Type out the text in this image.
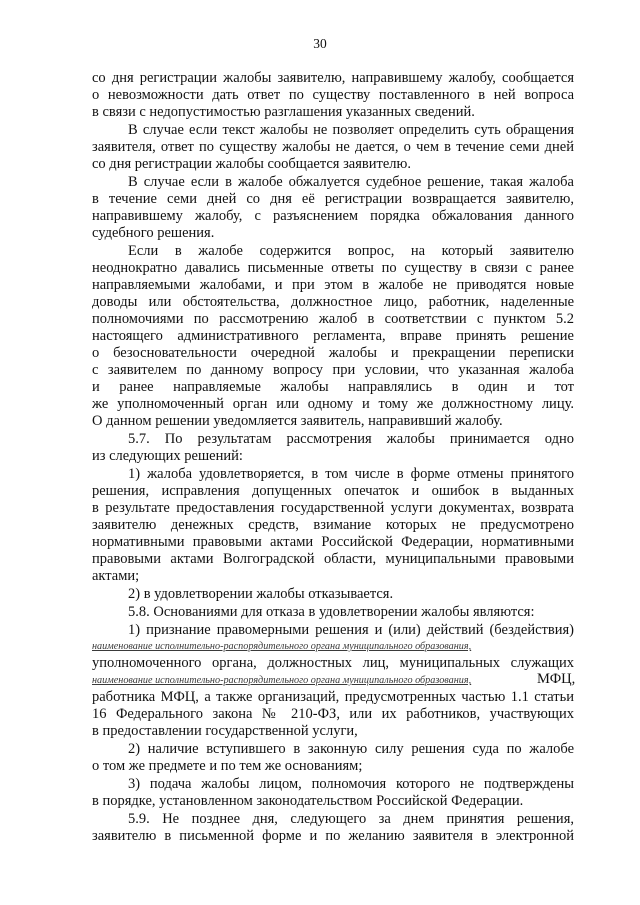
30
со дня регистрации жалобы заявителю, направившему жалобу, сообщается
о невозможности дать ответ по существу поставленного в ней вопроса
в связи с недопустимостью разглашения указанных сведений.
В случае если текст жалобы не позволяет определить суть обращения
заявителя, ответ по существу жалобы не дается, о чем в течение семи дней
со дня регистрации жалобы сообщается заявителю.
В случае если в жалобе обжалуется судебное решение, такая жалоба
в течение семи дней со дня её регистрации возвращается заявителю,
направившему жалобу, с разъяснением порядка обжалования данного
судебного решения.
Если в жалобе содержится вопрос, на который заявителю
неоднократно давались письменные ответы по существу в связи с ранее
направляемыми жалобами, и при этом в жалобе не приводятся новые
доводы или обстоятельства, должностное лицо, работник, наделенные
полномочиями по рассмотрению жалоб в соответствии с пунктом 5.2
настоящего административного регламента, вправе принять решение
о безосновательности очередной жалобы и прекращении переписки
с заявителем по данному вопросу при условии, что указанная жалоба
и ранее направляемые жалобы направлялись в один и тот
же уполномоченный орган или одному и тому же должностному лицу.
О данном решении уведомляется заявитель, направивший жалобу.
5.7. По результатам рассмотрения жалобы принимается одно
из следующих решений:
1) жалоба удовлетворяется, в том числе в форме отмены принятого
решения, исправления допущенных опечаток и ошибок в выданных
в результате предоставления государственной услуги документах, возврата
заявителю денежных средств, взимание которых не предусмотрено
нормативными правовыми актами Российской Федерации, нормативными
правовыми актами Волгоградской области, муниципальными правовыми
актами;
2) в удовлетворении жалобы отказывается.
5.8. Основаниями для отказа в удовлетворении жалобы являются:
1) признание правомерными решения и (или) действий (бездействия)
наименование исполнительно-распорядительного органа муниципального образования,
уполномоченного органа, должностных лиц, муниципальных служащих
наименование исполнительно-распорядительного органа муниципального образования,	МФЦ,
работника МФЦ, а также организаций, предусмотренных частью 1.1 статьи
16 Федерального закона № 210-ФЗ, или их работников, участвующих
в предоставлении государственной услуги,
2) наличие вступившего в законную силу решения суда по жалобе
о том же предмете и по тем же основаниям;
3) подача жалобы лицом, полномочия которого не подтверждены
в порядке, установленном законодательством Российской Федерации.
5.9. Не позднее дня, следующего за днем принятия решения,
заявителю в письменной форме и по желанию заявителя в электронной
